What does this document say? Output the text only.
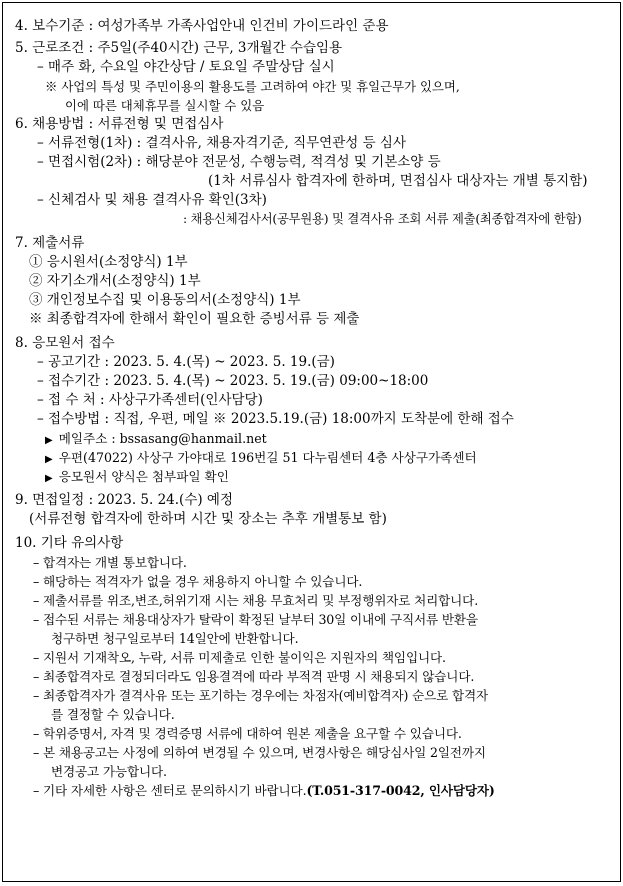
4. 보수기준 : 여성가족부 가족사업안내 인건비 가이드라인 준용
5. 근로조건 : 주5일(주40시간) 근무, 3개월간 수습임용
– 매주 화, 수요일 야간상담 / 토요일 주말상담 실시
※ 사업의 특성 및 주민이용의 활용도를 고려하여 야간 및 휴일근무가 있으며,
이에 따른 대체휴무를 실시할 수 있음
6. 채용방법 : 서류전형 및 면접심사
– 서류전형(1차) : 결격사유, 채용자격기준, 직무연관성 등 심사
– 면접시험(2차) : 해당분야 전문성, 수행능력, 적격성 및 기본소양 등
(1차 서류심사 합격자에 한하며, 면접심사 대상자는 개별 통지함)
– 신체검사 및 채용 결격사유 확인(3차)
: 채용신체검사서(공무원용) 및 결격사유 조회 서류 제출(최종합격자에 한함)
7. 제출서류
① 응시원서(소정양식) 1부
② 자기소개서(소정양식) 1부
③ 개인정보수집 및 이용동의서(소정양식) 1부
※ 최종합격자에 한해서 확인이 필요한 증빙서류 등 제출
8. 응모원서 접수
– 공고기간 : 2023. 5. 4.(목) ~ 2023. 5. 19.(금)
– 접수기간 : 2023. 5. 4.(목) ~ 2023. 5. 19.(금) 09:00~18:00
– 접 수 처 : 사상구가족센터(인사담당)
– 접수방법 : 직접, 우편, 메일 ※ 2023.5.19.(금) 18:00까지 도착분에 한해 접수
▶ 메일주소 : bssasang@hanmail.net
▶ 우편(47022) 사상구 가야대로 196번길 51 다누림센터 4층 사상구가족센터
▶ 응모원서 양식은 첨부파일 확인
9. 면접일정 : 2023. 5. 24.(수) 예정
(서류전형 합격자에 한하며 시간 및 장소는 추후 개별통보 함)
10. 기타 유의사항
– 합격자는 개별 통보합니다.
– 해당하는 적격자가 없을 경우 채용하지 아니할 수 있습니다.
– 제출서류를 위조,변조,허위기재 시는 채용 무효처리 및 부정행위자로 처리합니다.
– 접수된 서류는 채용대상자가 탈락이 확정된 날부터 30일 이내에 구직서류 반환을
청구하면 청구일로부터 14일안에 반환합니다.
– 지원서 기재착오, 누락, 서류 미제출로 인한 불이익은 지원자의 책임입니다.
– 최종합격자로 결정되더라도 임용결격에 따라 부적격 판명 시 채용되지 않습니다.
– 최종합격자가 결격사유 또는 포기하는 경우에는 차점자(예비합격자) 순으로 합격자
를 결정할 수 있습니다.
– 학위증명서, 자격 및 경력증명 서류에 대하여 원본 제출을 요구할 수 있습니다.
– 본 채용공고는 사정에 의하여 변경될 수 있으며, 변경사항은 해당심사일 2일전까지
변경공고 가능합니다.
– 기타 자세한 사항은 센터로 문의하시기 바랍니다.(T.051-317-0042, 인사담당자)
